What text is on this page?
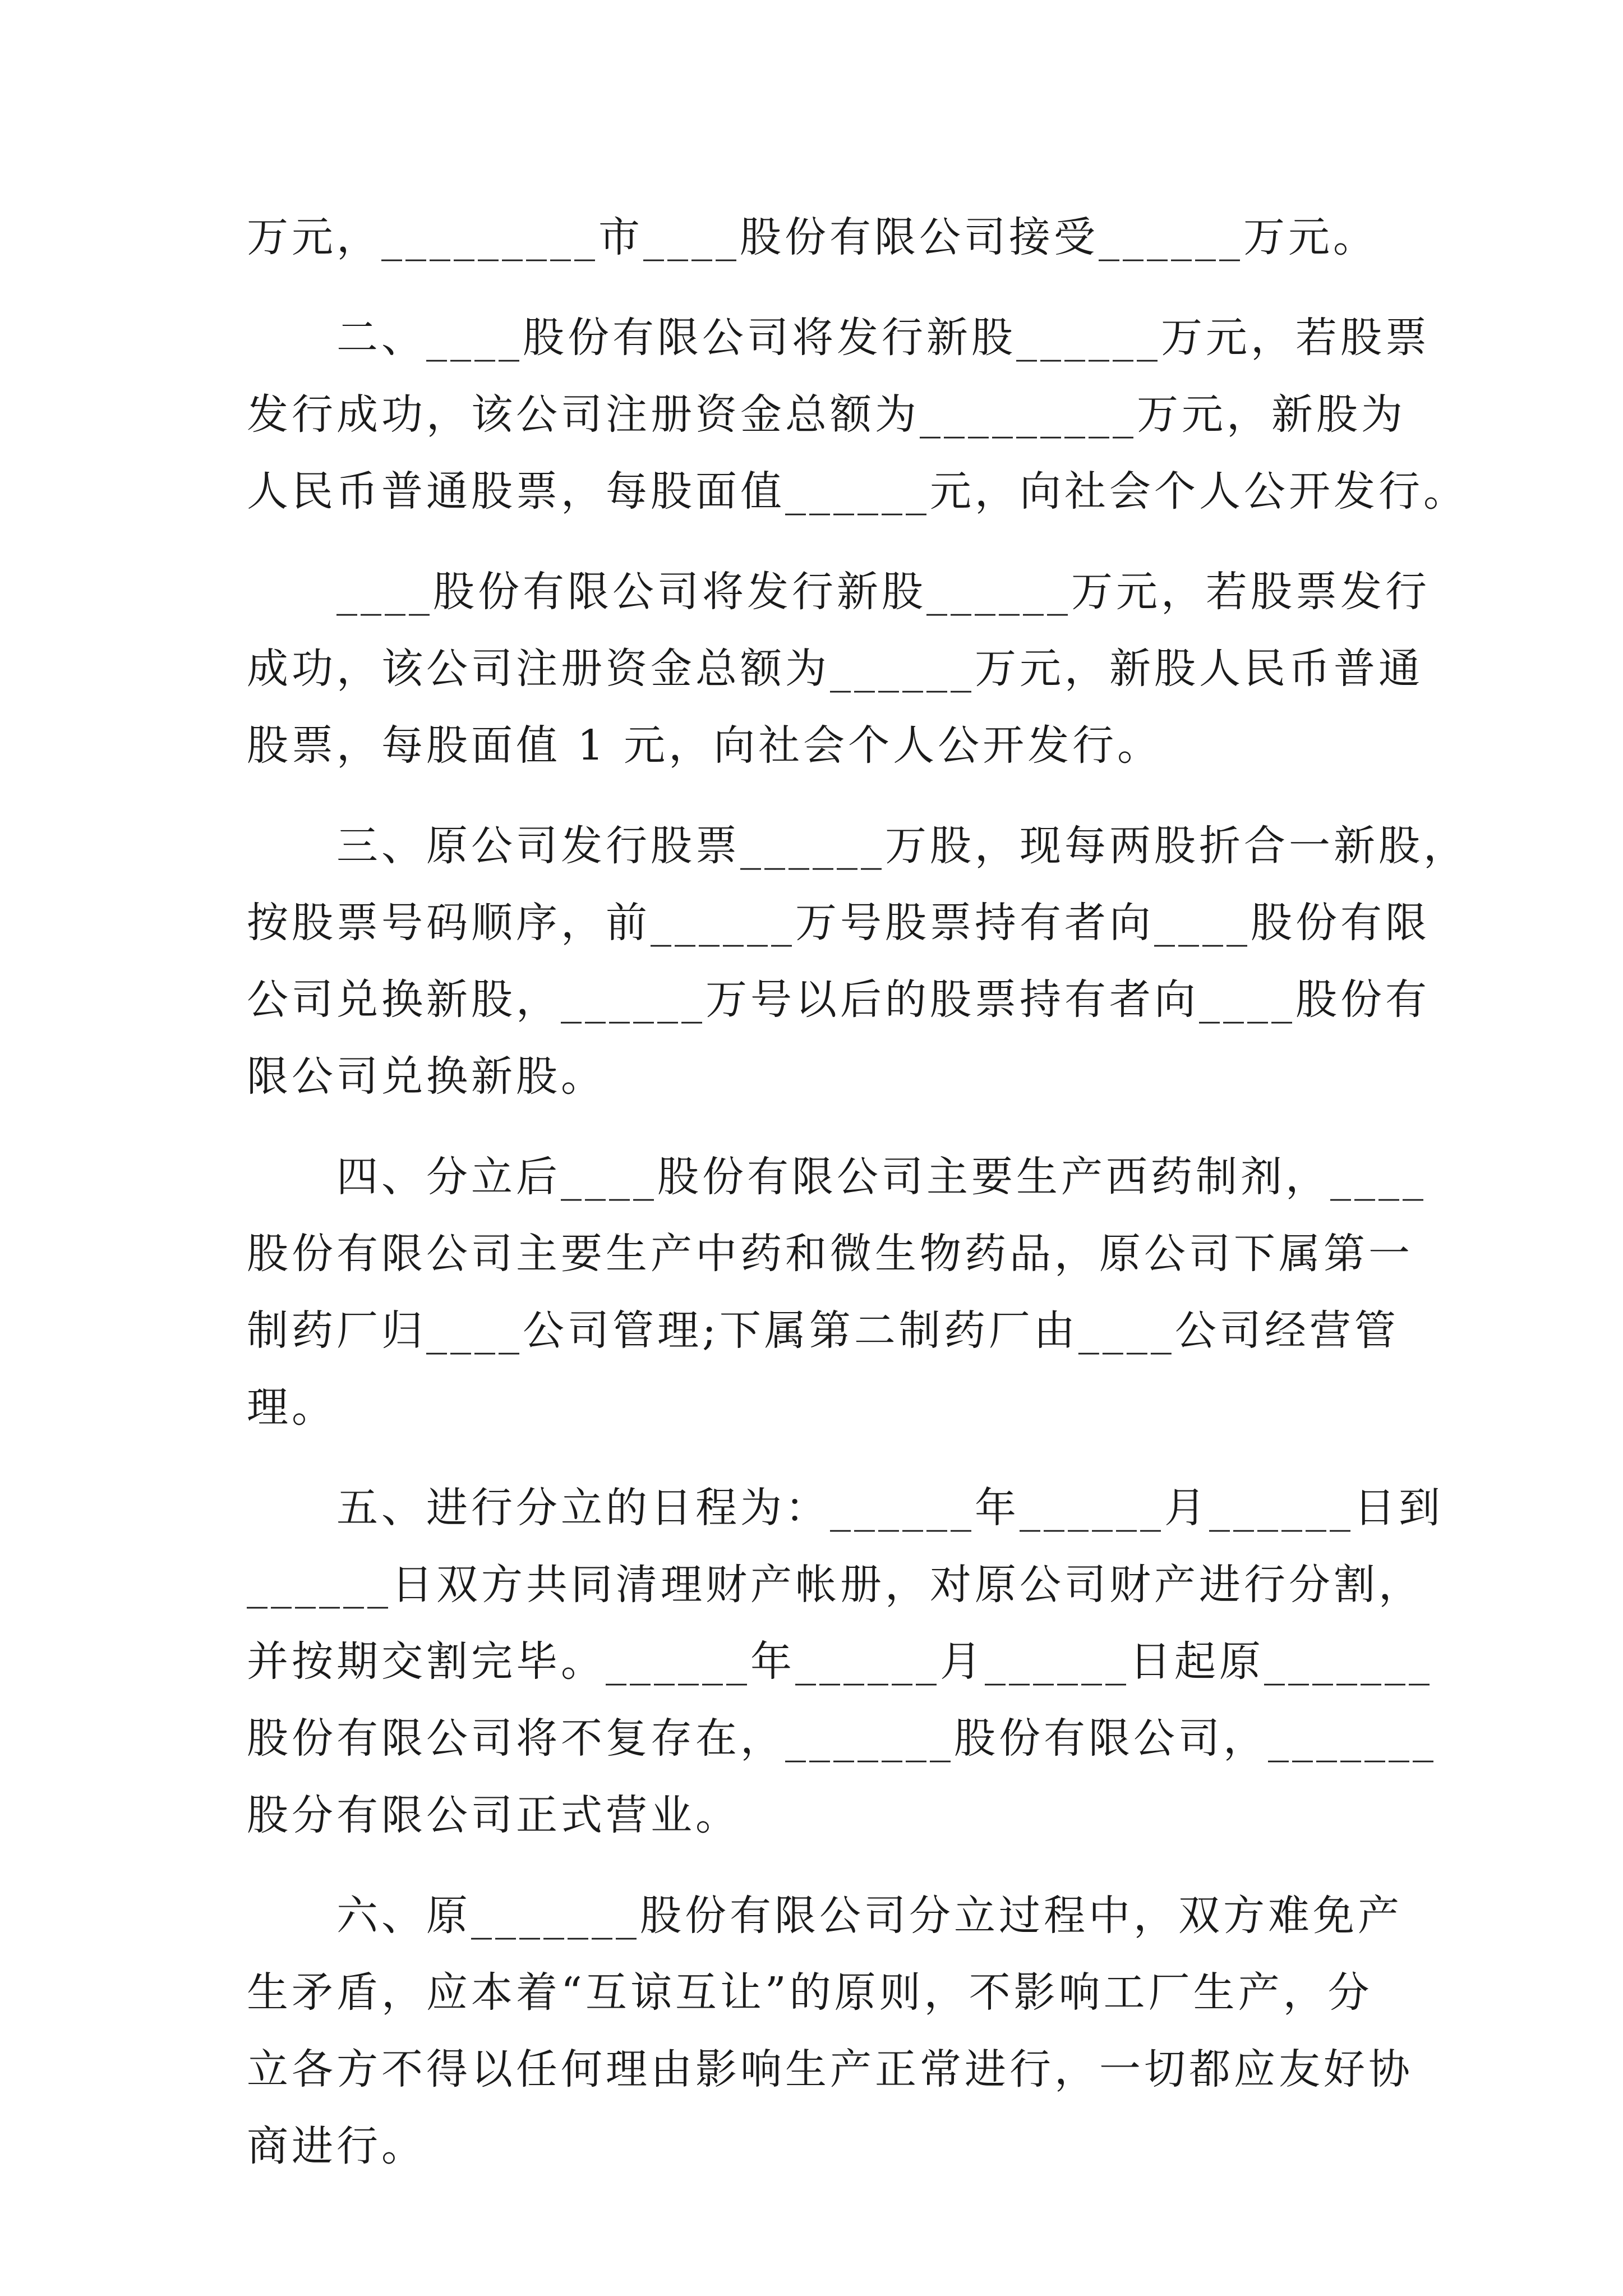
万元，_________市____股份有限公司接受______万元。
二、____股份有限公司将发行新股______万元，若股票
发行成功，该公司注册资金总额为_________万元，新股为
人民币普通股票，每股面值______元，向社会个人公开发行。
____股份有限公司将发行新股______万元，若股票发行
成功，该公司注册资金总额为______万元，新股人民币普通
股票，每股面值 1 元，向社会个人公开发行。
三、原公司发行股票______万股，现每两股折合一新股，
按股票号码顺序，前______万号股票持有者向____股份有限
公司兑换新股，______万号以后的股票持有者向____股份有
限公司兑换新股。
四、分立后____股份有限公司主要生产西药制剂，____
股份有限公司主要生产中药和微生物药品，原公司下属第一
制药厂归____公司管理;下属第二制药厂由____公司经营管
理。
五、进行分立的日程为：______年______月______日到
______日双方共同清理财产帐册，对原公司财产进行分割，
并按期交割完毕。______年______月______日起原_______
股份有限公司将不复存在，_______股份有限公司，_______
股分有限公司正式营业。
六、原_______股份有限公司分立过程中，双方难免产
生矛盾，应本着“互谅互让”的原则，不影响工厂生产，分
立各方不得以任何理由影响生产正常进行，一切都应友好协
商进行。
